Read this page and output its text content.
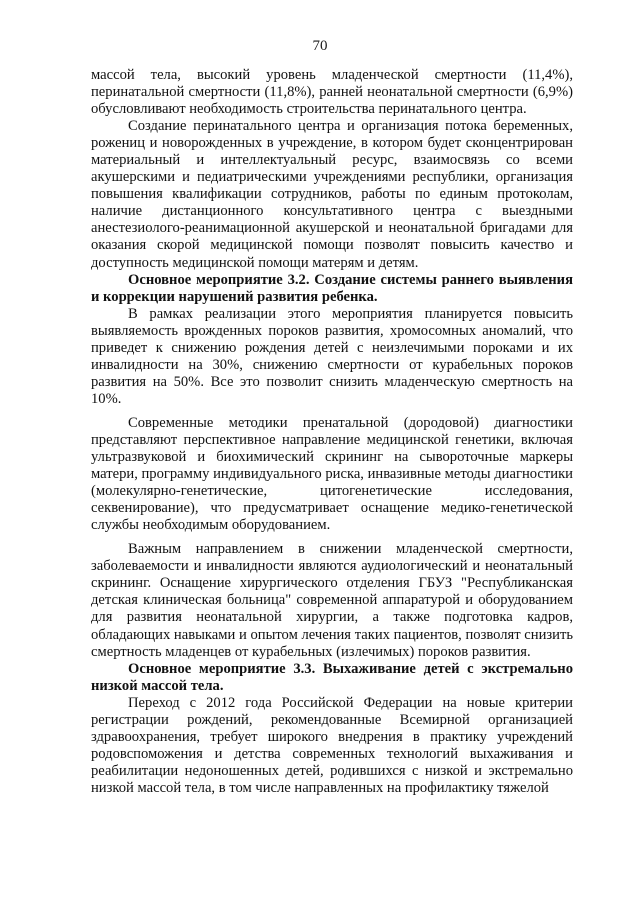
70

массой тела, высокий уровень младенческой смертности (11,4%), перинатальной смертности (11,8%), ранней неонатальной смертности (6,9%) обусловливают необходимость строительства перинатального центра.

Создание перинатального центра и организация потока беременных, рожениц и новорожденных в учреждение, в котором будет сконцентрирован материальный и интеллектуальный ресурс, взаимосвязь со всеми акушерскими и педиатрическими учреждениями республики, организация повышения квалификации сотрудников, работы по единым протоколам, наличие дистанционного консультативного центра с выездными анестезиолого-реанимационной акушерской и неонатальной бригадами для оказания скорой медицинской помощи позволят повысить качество и доступность медицинской помощи матерям и детям.

Основное мероприятие 3.2. Создание системы раннего выявления и коррекции нарушений развития ребенка.

В рамках реализации этого мероприятия планируется повысить выявляемость врожденных пороков развития, хромосомных аномалий, что приведет к снижению рождения детей с неизлечимыми пороками и их инвалидности на 30%, снижению смертности от курабельных пороков развития на 50%. Все это позволит снизить младенческую смертность на 10%.

Современные методики пренатальной (дородовой) диагностики представляют перспективное направление медицинской генетики, включая ультразвуковой и биохимический скрининг на сывороточные маркеры матери, программу индивидуального риска, инвазивные методы диагностики (молекулярно-генетические, цитогенетические исследования, секвенирование), что предусматривает оснащение медико-генетической службы необходимым оборудованием.

Важным направлением в снижении младенческой смертности, заболеваемости и инвалидности являются аудиологический и неонатальный скрининг. Оснащение хирургического отделения ГБУЗ "Республиканская детская клиническая больница" современной аппаратурой и оборудованием для развития неонатальной хирургии, а также подготовка кадров, обладающих навыками и опытом лечения таких пациентов, позволят снизить смертность младенцев от курабельных (излечимых) пороков развития.

Основное мероприятие 3.3. Выхаживание детей с экстремально низкой массой тела.

Переход с 2012 года Российской Федерации на новые критерии регистрации рождений, рекомендованные Всемирной организацией здравоохранения, требует широкого внедрения в практику учреждений родовспоможения и детства современных технологий выхаживания и реабилитации недоношенных детей, родившихся с низкой и экстремально низкой массой тела, в том числе направленных на профилактику тяжелой
